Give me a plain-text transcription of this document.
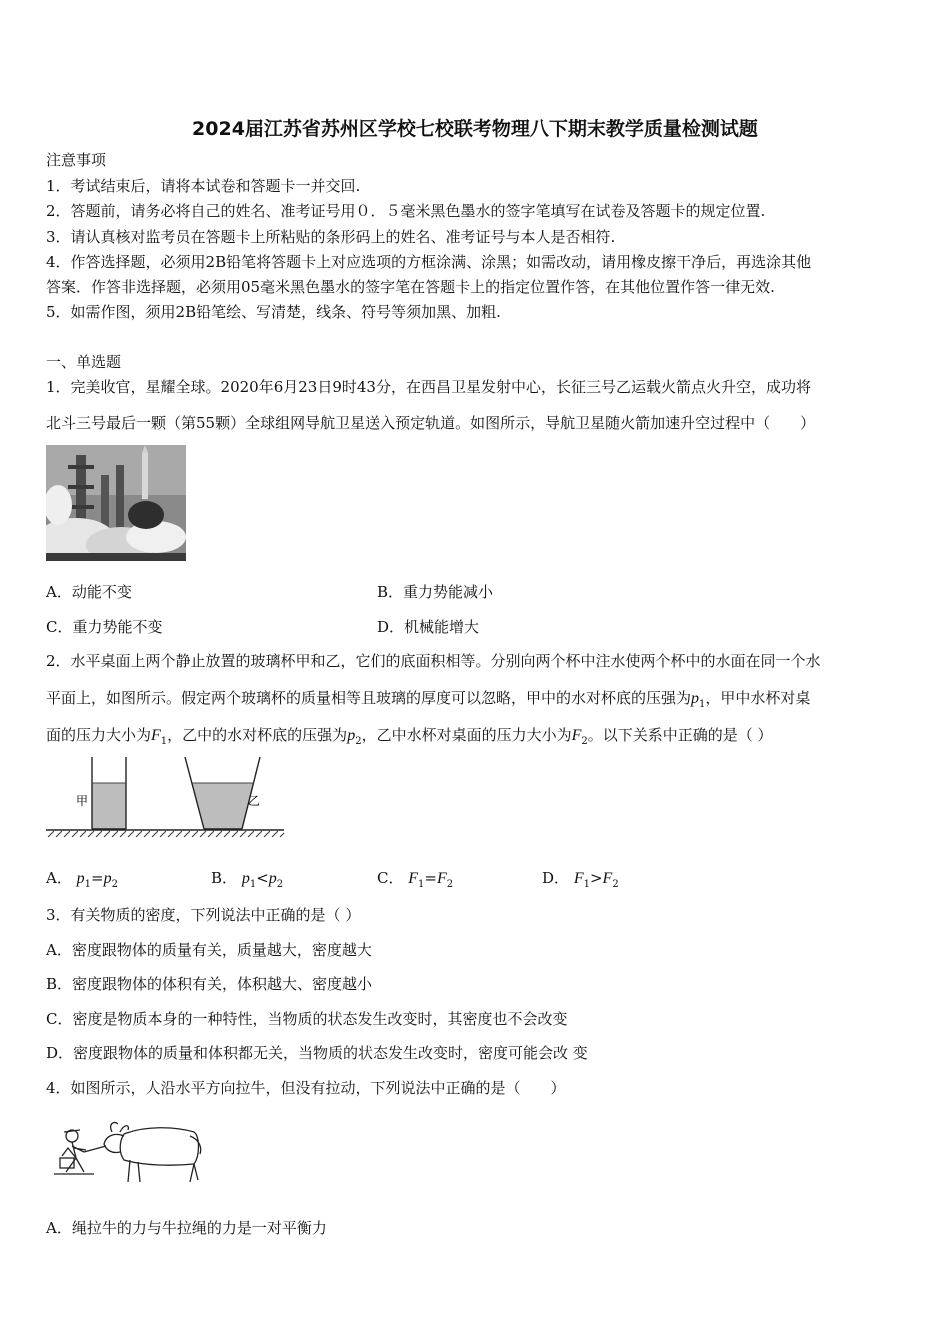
2024届江苏省苏州区学校七校联考物理八下期末教学质量检测试题
注意事项
1．考试结束后，请将本试卷和答题卡一并交回.
2．答题前，请务必将自己的姓名、准考证号用０．５毫米黑色墨水的签字笔填写在试卷及答题卡的规定位置.
3．请认真核对监考员在答题卡上所粘贴的条形码上的姓名、准考证号与本人是否相符.
4．作答选择题，必须用2B铅笔将答题卡上对应选项的方框涂满、涂黑；如需改动，请用橡皮擦干净后，再选涂其他
答案．作答非选择题，必须用05毫米黑色墨水的签字笔在答题卡上的指定位置作答，在其他位置作答一律无效.
5．如需作图，须用2B铅笔绘、写清楚，线条、符号等须加黑、加粗.
一、单选题
1．完美收官，星耀全球。2020年6月23日9时43分，在西昌卫星发射中心，长征三号乙运载火箭点火升空，成功将
北斗三号最后一颗（第55颗）全球组网导航卫星送入预定轨道。如图所示，导航卫星随火箭加速升空过程中（　　）
A．动能不变	B．重力势能减小
C．重力势能不变	D．机械能增大
2．水平桌面上两个静止放置的玻璃杯甲和乙，它们的底面积相等。分别向两个杯中注水使两个杯中的水面在同一个水
平面上，如图所示。假定两个玻璃杯的质量相等且玻璃的厚度可以忽略，甲中的水对杯底的压强为$p_1$，甲中水杯对桌
面的压力大小为$F_1$，乙中的水对杯底的压强为$p_2$，乙中水杯对桌面的压力大小为$F_2$。以下关系中正确的是（ ）
甲	乙
A． $p_1=p_2$	B． $p_1<p_2$	C． $F_1=F_2$	D． $F_1>F_2$
3．有关物质的密度，下列说法中正确的是（ ）
A．密度跟物体的质量有关，质量越大，密度越大
B．密度跟物体的体积有关，体积越大、密度越小
C．密度是物质本身的一种特性，当物质的状态发生改变时，其密度也不会改变
D．密度跟物体的质量和体积都无关，当物质的状态发生改变时，密度可能会改 变
4．如图所示，人沿水平方向拉牛，但没有拉动，下列说法中正确的是（　　）
A．绳拉牛的力与牛拉绳的力是一对平衡力
